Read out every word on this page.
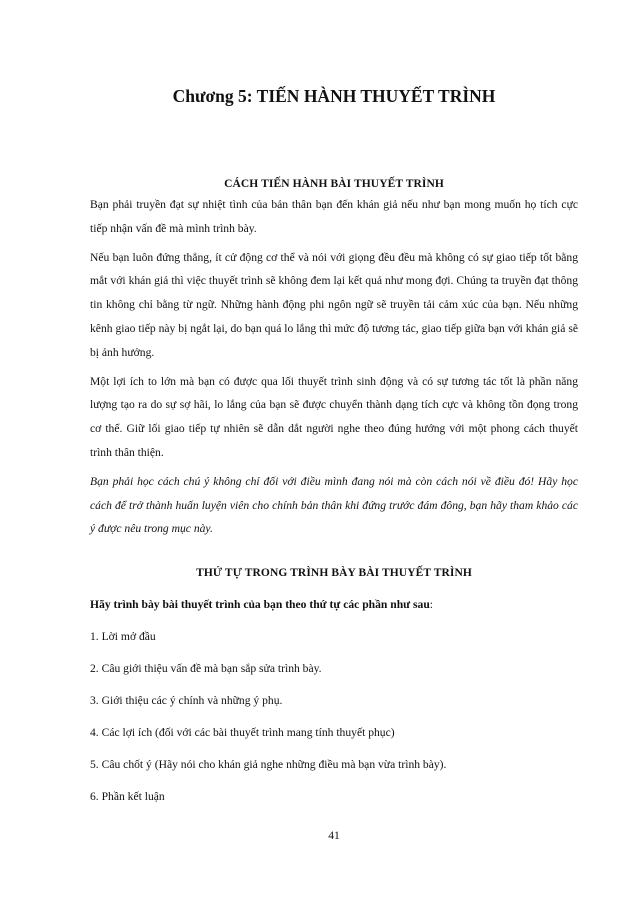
Chương 5: TIẾN HÀNH THUYẾT TRÌNH
CÁCH TIẾN HÀNH BÀI THUYẾT TRÌNH

Bạn phải truyền đạt sự nhiệt tình của bản thân bạn đến khán giả nếu như bạn mong muốn họ tích cực tiếp nhận vấn đề mà mình trình bày.

Nếu bạn luôn đứng thẳng, ít cử động cơ thể và nói với giọng đều đều mà không có sự giao tiếp tốt bằng mắt với khán giả thì việc thuyết trình sẽ không đem lại kết quả như mong đợi. Chúng ta truyền đạt thông tin không chỉ bằng từ ngữ. Những hành động phi ngôn ngữ sẽ truyền tải cảm xúc của bạn. Nếu những kênh giao tiếp này bị ngắt lại, do bạn quá lo lắng thì mức độ tương tác, giao tiếp giữa bạn với khán giả sẽ bị ảnh hưởng.

Một lợi ích to lớn mà bạn có được qua lối thuyết trình sinh động và có sự tương tác tốt là phần năng lượng tạo ra do sự sợ hãi, lo lắng của bạn sẽ được chuyển thành dạng tích cực và không tồn đọng trong cơ thể. Giữ lối giao tiếp tự nhiên sẽ dẫn dắt người nghe theo đúng hướng với một phong cách thuyết trình thân thiện.

Bạn phải học cách chú ý không chỉ đối với điều mình đang nói mà còn cách nói về điều đó! Hãy học cách để trở thành huấn luyện viên cho chính bản thân khi đứng trước đám đông, bạn hãy tham khảo các ý được nêu trong mục này.

THỨ TỰ TRONG TRÌNH BÀY BÀI THUYẾT TRÌNH

Hãy trình bày bài thuyết trình của bạn theo thứ tự các phần như sau:

1. Lời mở đầu
2. Câu giới thiệu vấn đề mà bạn sắp sửa trình bày.
3. Giới thiệu các ý chính và những ý phụ.
4. Các lợi ích (đối với các bài thuyết trình mang tính thuyết phục)
5. Câu chốt ý (Hãy nói cho khán giả nghe những điều mà bạn vừa trình bày).
6. Phần kết luận
41
